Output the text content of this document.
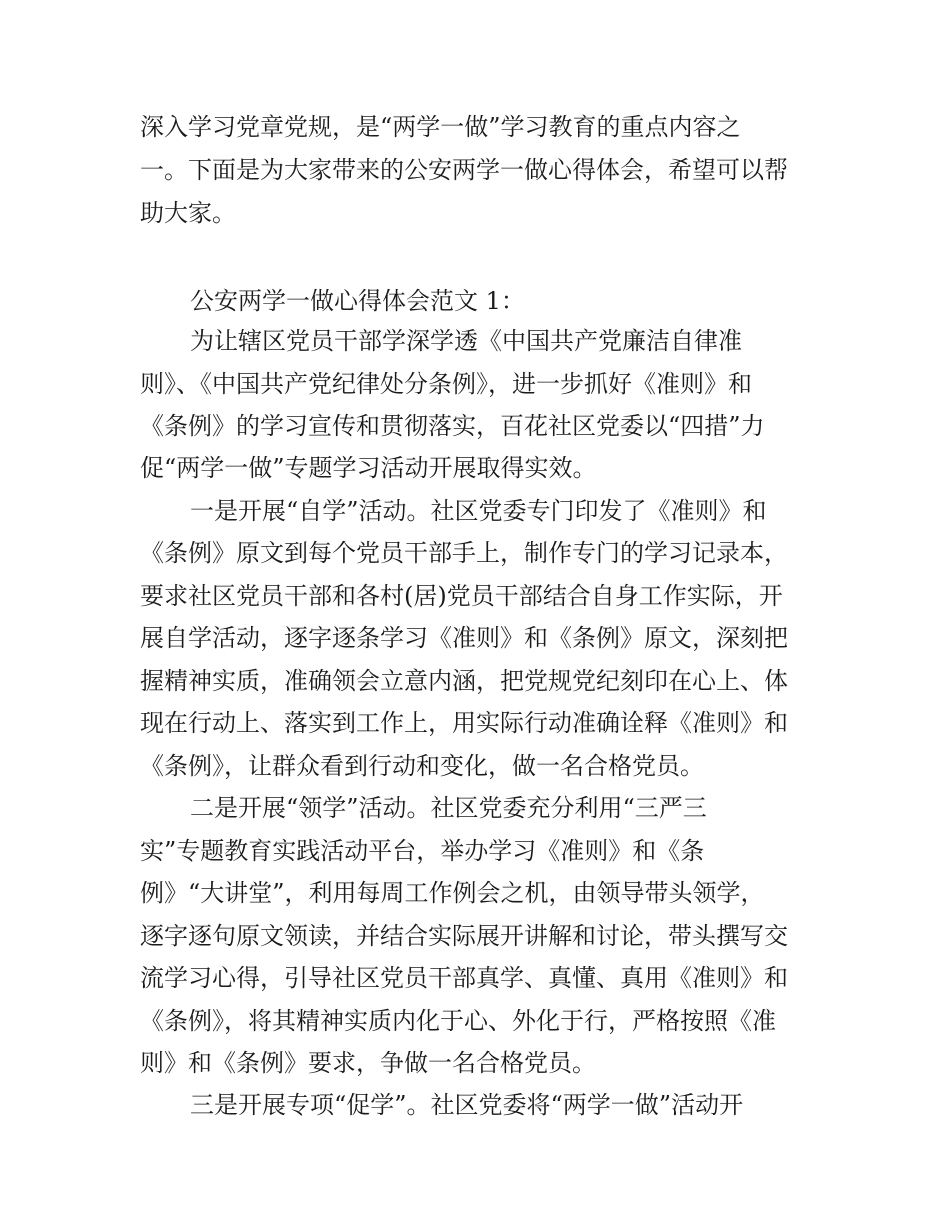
深入学习党章党规，是“两学一做”学习教育的重点内容之
一。下面是为大家带来的公安两学一做心得体会，希望可以帮
助大家。
公安两学一做心得体会范文 1：
为让辖区党员干部学深学透《中国共产党廉洁自律准
则》、《中国共产党纪律处分条例》，进一步抓好《准则》和
《条例》的学习宣传和贯彻落实，百花社区党委以“四措”力
促“两学一做”专题学习活动开展取得实效。
一是开展“自学”活动。社区党委专门印发了《准则》和
《条例》原文到每个党员干部手上，制作专门的学习记录本，
要求社区党员干部和各村(居)党员干部结合自身工作实际，开
展自学活动，逐字逐条学习《准则》和《条例》原文，深刻把
握精神实质，准确领会立意内涵，把党规党纪刻印在心上、体
现在行动上、落实到工作上，用实际行动准确诠释《准则》和
《条例》，让群众看到行动和变化，做一名合格党员。
二是开展“领学”活动。社区党委充分利用“三严三
实”专题教育实践活动平台，举办学习《准则》和《条
例》“大讲堂”，利用每周工作例会之机，由领导带头领学，
逐字逐句原文领读，并结合实际展开讲解和讨论，带头撰写交
流学习心得，引导社区党员干部真学、真懂、真用《准则》和
《条例》，将其精神实质内化于心、外化于行，严格按照《准
则》和《条例》要求，争做一名合格党员。
三是开展专项“促学”。社区党委将“两学一做”活动开
